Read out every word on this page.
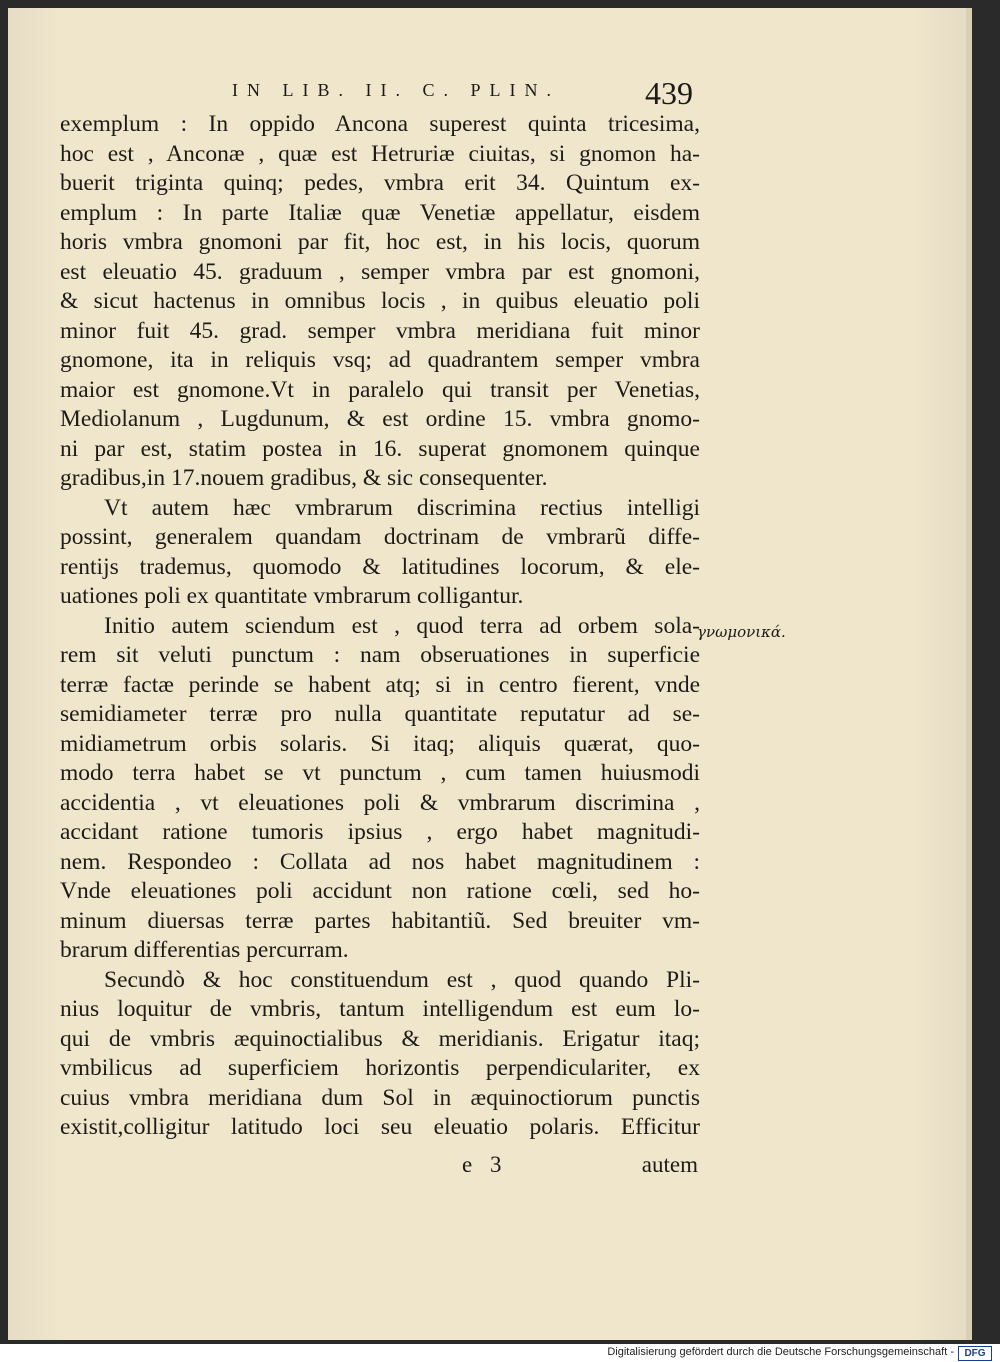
IN LIB. II. C. PLIN.	439
exemplum : In oppido Ancona superest quinta tricesima,
hoc est , Anconæ , quæ est Hetruriæ ciuitas, si gnomon ha-
buerit triginta quinq; pedes, vmbra erit 34. Quintum ex-
emplum : In parte Italiæ quæ Venetiæ appellatur, eisdem
horis vmbra gnomoni par fit, hoc est, in his locis, quorum
est eleuatio 45. graduum , semper vmbra par est gnomoni,
& sicut hactenus in omnibus locis , in quibus eleuatio poli
minor fuit 45. grad. semper vmbra meridiana fuit minor
gnomone, ita in reliquis vsq; ad quadrantem semper vmbra
maior est gnomone.Vt in paralelo qui transit per Venetias,
Mediolanum , Lugdunum, & est ordine 15. vmbra gnomo-
ni par est, statim postea in 16. superat gnomonem quinque
gradibus,in 17.nouem gradibus, & sic consequenter.
Vt autem hæc vmbrarum discrimina rectius intelligi
possint, generalem quandam doctrinam de vmbrarũ diffe-
rentijs trademus, quomodo & latitudines locorum, & ele-
uationes poli ex quantitate vmbrarum colligantur.
Initio autem sciendum est , quod terra ad orbem sola-
rem sit veluti punctum : nam obseruationes in superficie
terræ factæ perinde se habent atq; si in centro fierent, vnde
semidiameter terræ pro nulla quantitate reputatur ad se-
midiametrum orbis solaris. Si itaq; aliquis quærat, quo-
modo terra habet se vt punctum , cum tamen huiusmodi
accidentia , vt eleuationes poli & vmbrarum discrimina ,
accidant ratione tumoris ipsius , ergo habet magnitudi-
nem. Respondeo : Collata ad nos habet magnitudinem :
Vnde eleuationes poli accidunt non ratione cœli, sed ho-
minum diuersas terræ partes habitantiũ. Sed breuiter vm-
brarum differentias percurram.
Secundò & hoc constituendum est , quod quando Pli-
nius loquitur de vmbris, tantum intelligendum est eum lo-
qui de vmbris æquinoctialibus & meridianis. Erigatur itaq;
vmbilicus ad superficiem horizontis perpendiculariter, ex
cuius vmbra meridiana dum Sol in æquinoctiorum punctis
existit,colligitur latitudo loci seu eleuatio polaris. Efficitur
γνωμονικά.
e 3	autem
Digitalisierung gefördert durch die Deutsche Forschungsgemeinschaft -	DFG
